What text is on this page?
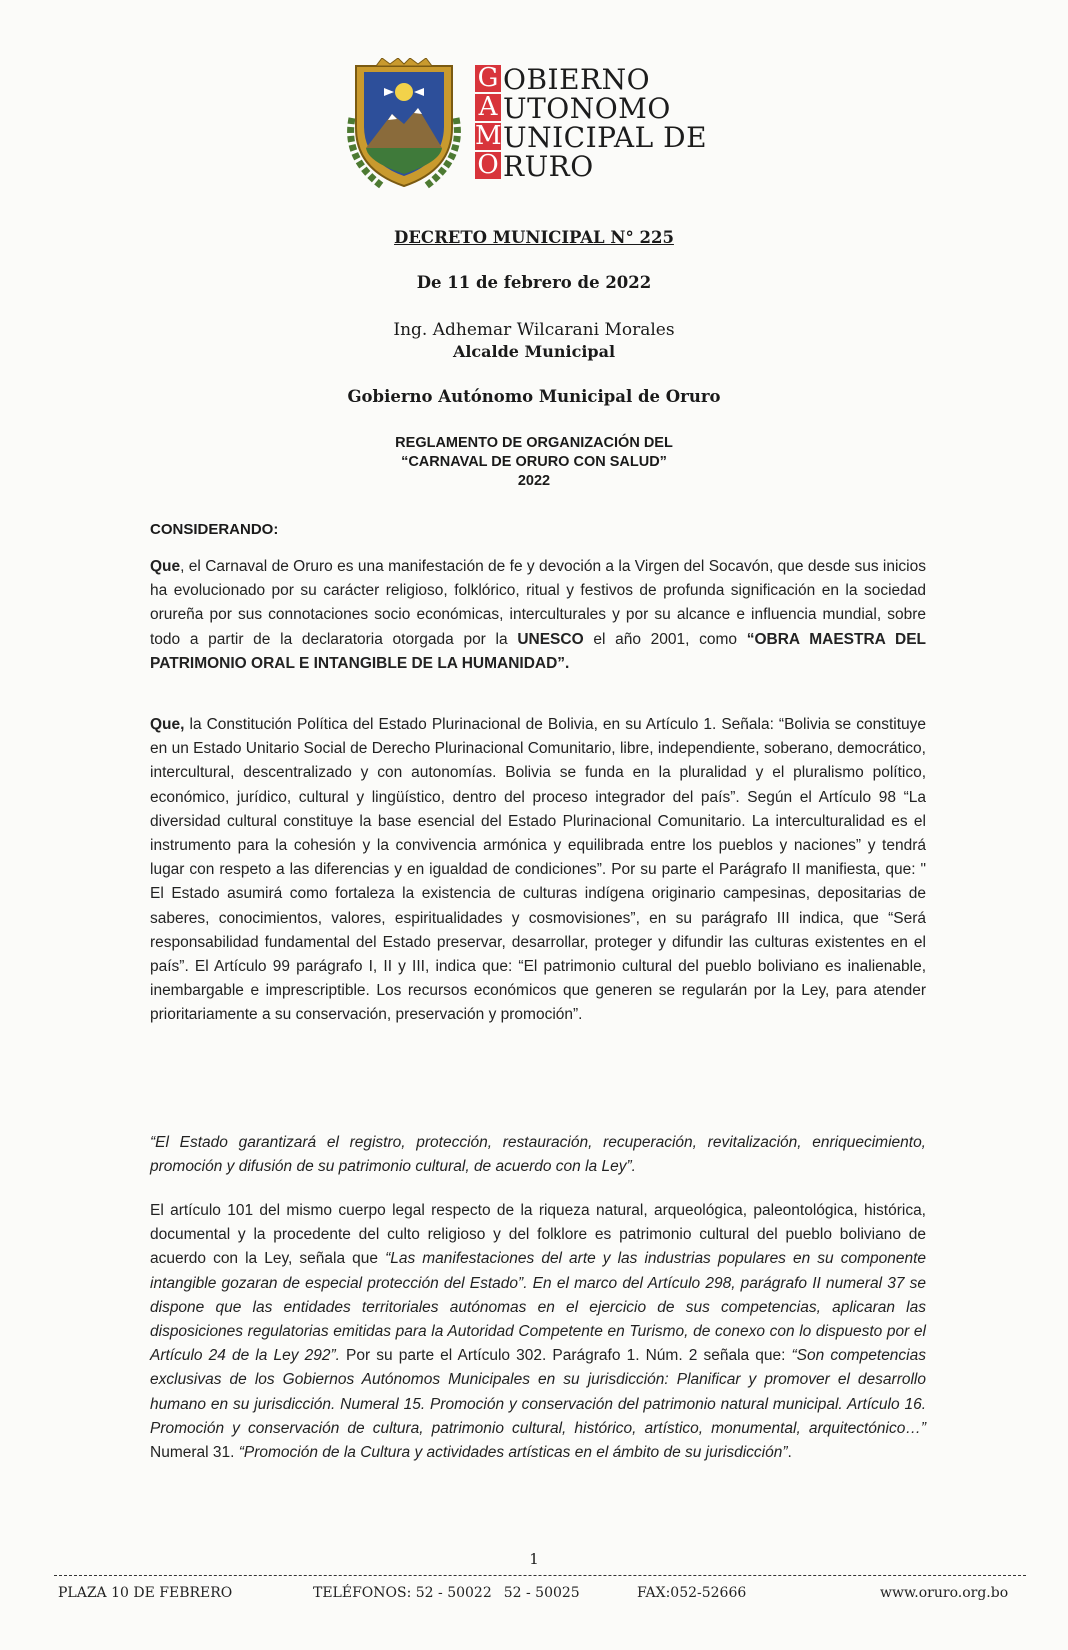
G OBIERNO
A UTONOMO
M UNICIPAL DE
O RURO
DECRETO MUNICIPAL N° 225
De 11 de febrero de 2022
Ing. Adhemar Wilcarani Morales
Alcalde Municipal
Gobierno Autónomo Municipal de Oruro
REGLAMENTO DE ORGANIZACIÓN DEL
“CARNAVAL DE ORURO CON SALUD”
2022
CONSIDERANDO:

Que, el Carnaval de Oruro es una manifestación de fe y devoción a la Virgen del Socavón, que desde sus inicios ha evolucionado por su carácter religioso, folklórico, ritual y festivos de profunda significación en la sociedad orureña por sus connotaciones socio económicas, interculturales y por su alcance e influencia mundial, sobre todo a partir de la declaratoria otorgada por la UNESCO el año 2001, como “OBRA MAESTRA DEL PATRIMONIO ORAL E INTANGIBLE DE LA HUMANIDAD”.

Que, la Constitución Política del Estado Plurinacional de Bolivia, en su Artículo 1. Señala: “Bolivia se constituye en un Estado Unitario Social de Derecho Plurinacional Comunitario, libre, independiente, soberano, democrático, intercultural, descentralizado y con autonomías. Bolivia se funda en la pluralidad y el pluralismo político, económico, jurídico, cultural y lingüístico, dentro del proceso integrador del país”. Según el Artículo 98 “La diversidad cultural constituye la base esencial del Estado Plurinacional Comunitario. La interculturalidad es el instrumento para la cohesión y la convivencia armónica y equilibrada entre los pueblos y naciones” y tendrá lugar con respeto a las diferencias y en igualdad de condiciones”. Por su parte el Parágrafo II manifiesta, que: " El Estado asumirá como fortaleza la existencia de culturas indígena originario campesinas, depositarias de saberes, conocimientos, valores, espiritualidades y cosmovisiones”, en su parágrafo III indica, que “Será responsabilidad fundamental del Estado preservar, desarrollar, proteger y difundir las culturas existentes en el país”. El Artículo 99 parágrafo I, II y III, indica que: “El patrimonio cultural del pueblo boliviano es inalienable, inembargable e imprescriptible. Los recursos económicos que generen se regularán por la Ley, para atender prioritariamente a su conservación, preservación y promoción”.

“El Estado garantizará el registro, protección, restauración, recuperación, revitalización, enriquecimiento, promoción y difusión de su patrimonio cultural, de acuerdo con la Ley”.

El artículo 101 del mismo cuerpo legal respecto de la riqueza natural, arqueológica, paleontológica, histórica, documental y la procedente del culto religioso y del folklore es patrimonio cultural del pueblo boliviano de acuerdo con la Ley, señala que “Las manifestaciones del arte y las industrias populares en su componente intangible gozaran de especial protección del Estado”. En el marco del Artículo 298, parágrafo II numeral 37 se dispone que las entidades territoriales autónomas en el ejercicio de sus competencias, aplicaran las disposiciones regulatorias emitidas para la Autoridad Competente en Turismo, de conexo con lo dispuesto por el Artículo 24 de la Ley 292”. Por su parte el Artículo 302. Parágrafo 1. Núm. 2 señala que: “Son competencias exclusivas de los Gobiernos Autónomos Municipales en su jurisdicción: Planificar y promover el desarrollo humano en su jurisdicción. Numeral 15. Promoción y conservación del patrimonio natural municipal. Artículo 16. Promoción y conservación de cultura, patrimonio cultural, histórico, artístico, monumental, arquitectónico…” Numeral 31. “Promoción de la Cultura y actividades artísticas en el ámbito de su jurisdicción”.

1
PLAZA 10 DE FEBRERO	TELÉFONOS: 52 - 50022 52 - 50025	FAX:052-52666	www.oruro.org.bo
